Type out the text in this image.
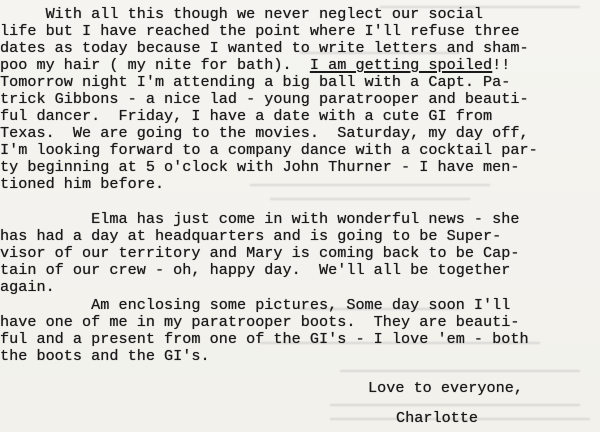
With all this though we never neglect our social
life but I have reached the point where I'll refuse three
dates as today because I wanted to write letters and sham-
poo my hair ( my nite for bath). I am getting spoiled!!
Tomorrow night I'm attending a big ball with a Capt. Pa-
trick Gibbons - a nice lad - young paratrooper and beauti-
ful dancer.  Friday, I have a date with a cute GI from
Texas.  We are going to the movies.  Saturday, my day off,
I'm looking forward to a company dance with a cocktail par-
ty beginning at 5 o'clock with John Thurner - I have men-
tioned him before.
Elma has just come in with wonderful news - she
has had a day at headquarters and is going to be Super-
visor of our territory and Mary is coming back to be Cap-
tain of our crew - oh, happy day.  We'll all be together
again.
Am enclosing some pictures, Some day soon I'll
have one of me in my paratrooper boots.  They are beauti-
ful and a present from one of the GI's - I love 'em - both
the boots and the GI's.
Love to everyone,
Charlotte
